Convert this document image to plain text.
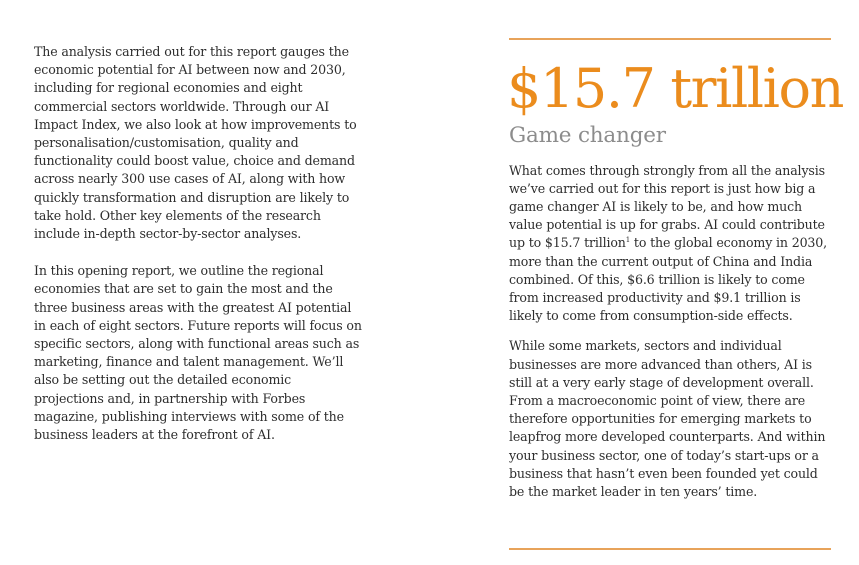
The analysis carried out for this report gauges the economic potential for AI between now and 2030, including for regional economies and eight commercial sectors worldwide. Through our AI Impact Index, we also look at how improvements to personalisation/customisation, quality and functionality could boost value, choice and demand across nearly 300 use cases of AI, along with how quickly transformation and disruption are likely to take hold. Other key elements of the research include in-depth sector-by-sector analyses.

In this opening report, we outline the regional economies that are set to gain the most and the three business areas with the greatest AI potential in each of eight sectors. Future reports will focus on specific sectors, along with functional areas such as marketing, finance and talent management. We’ll also be setting out the detailed economic projections and, in partnership with Forbes magazine, publishing interviews with some of the business leaders at the forefront of AI.

$15.7 trillion
Game changer

What comes through strongly from all the analysis we’ve carried out for this report is just how big a game changer AI is likely to be, and how much value potential is up for grabs. AI could contribute up to $15.7 trillion$^1$ to the global economy in 2030, more than the current output of China and India combined. Of this, $6.6 trillion is likely to come from increased productivity and $9.1 trillion is likely to come from consumption-side effects.

While some markets, sectors and individual businesses are more advanced than others, AI is still at a very early stage of development overall. From a macroeconomic point of view, there are therefore opportunities for emerging markets to leapfrog more developed counterparts. And within your business sector, one of today’s start-ups or a business that hasn’t even been founded yet could be the market leader in ten years’ time.
